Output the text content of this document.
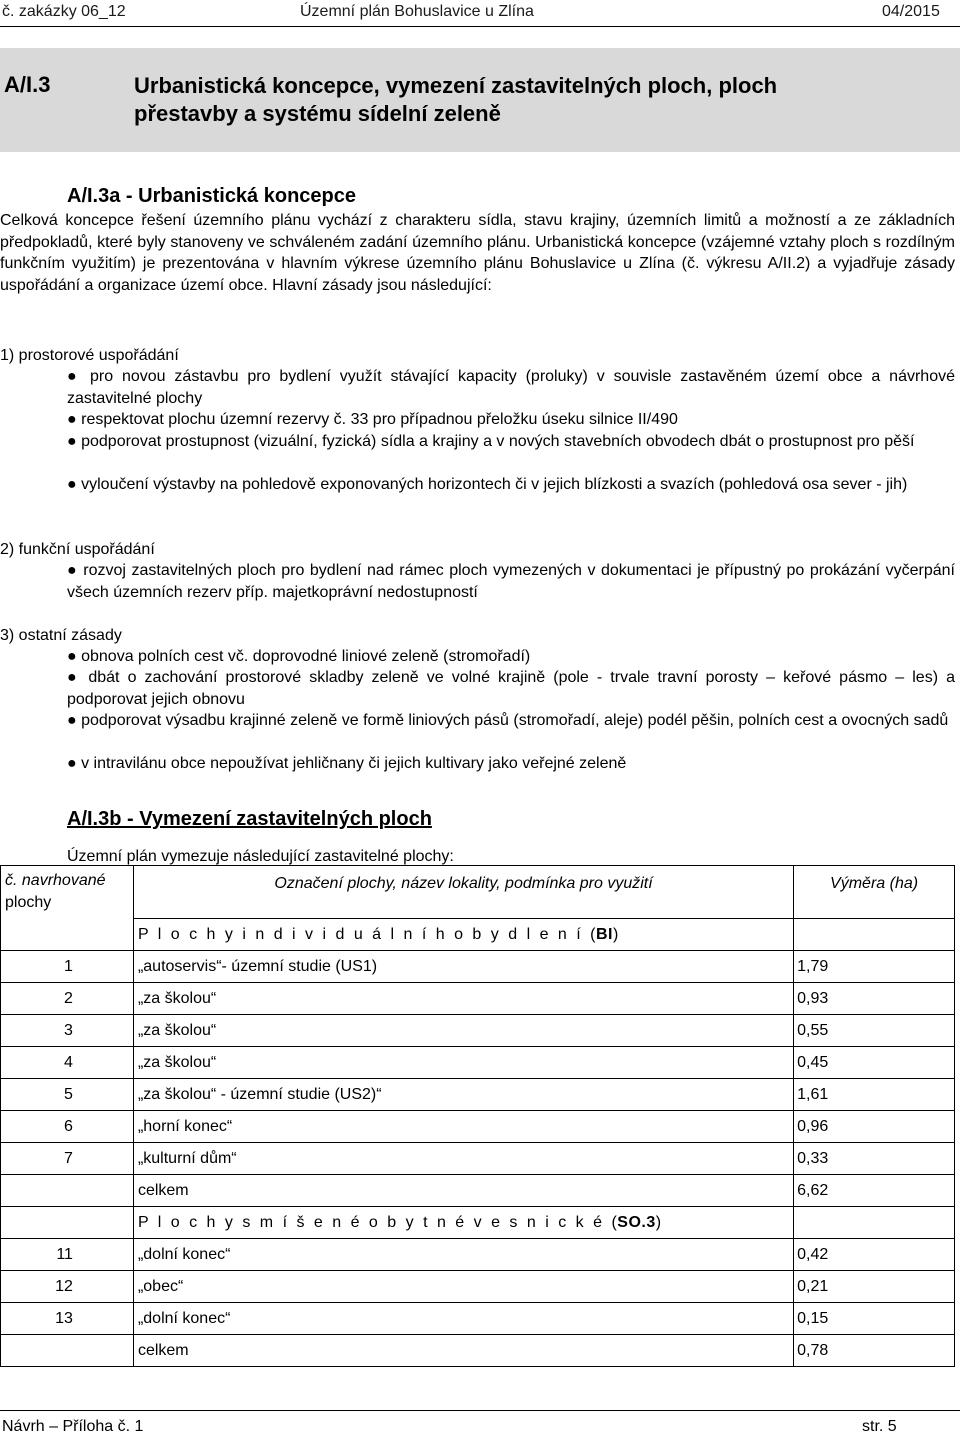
č. zakázky 06_12	Územní plán Bohuslavice u Zlína	04/2015
A/I.3	Urbanistická koncepce, vymezení zastavitelných ploch, ploch
přestavby a systému sídelní zeleně
A/I.3a - Urbanistická koncepce
Celková koncepce řešení územního plánu vychází z charakteru sídla, stavu krajiny, územních limitů a možností a ze základních předpokladů, které byly stanoveny ve schváleném zadání územního plánu. Urbanistická koncepce (vzájemné vztahy ploch s rozdílným funkčním využitím) je prezentována v hlavním výkrese územního plánu Bohuslavice u Zlína (č. výkresu A/II.2) a vyjadřuje zásady uspořádání a organizace území obce. Hlavní zásady jsou následující:
1) prostorové uspořádání
● pro novou zástavbu pro bydlení využít stávající kapacity (proluky) v souvisle zastavěném území obce a návrhové zastavitelné plochy
● respektovat plochu územní rezervy č. 33 pro případnou přeložku úseku silnice II/490
● podporovat prostupnost (vizuální, fyzická) sídla a krajiny a v nových stavebních obvodech dbát o prostupnost pro pěší
● vyloučení výstavby na pohledově exponovaných horizontech či v jejich blízkosti a svazích (pohledová osa sever - jih)
2) funkční uspořádání
● rozvoj zastavitelných ploch pro bydlení nad rámec ploch vymezených v dokumentaci je přípustný po prokázání vyčerpání všech územních rezerv příp. majetkoprávní nedostupností
3) ostatní zásady
● obnova polních cest vč. doprovodné liniové zeleně (stromořadí)
● dbát o zachování prostorové skladby zeleně ve volné krajině (pole - trvale travní porosty – keřové pásmo – les) a podporovat jejich obnovu
● podporovat výsadbu krajinné zeleně ve formě liniových pásů (stromořadí, aleje) podél pěšin, polních cest a ovocných sadů
● v intravilánu obce nepoužívat jehličnany či jejich kultivary jako veřejné zeleně
A/I.3b - Vymezení zastavitelných ploch
Územní plán vymezuje následující zastavitelné plochy:
č. navrhované
plochy	Označení plochy, název lokality, podmínka pro využití	Výměra (ha)
	P l o c h y i n d i v i d u á l n í h o b y d l e n í (BI)	
1	„autoservis“- územní studie (US1)	1,79
2	„za školou“	0,93
3	„za školou“	0,55
4	„za školou“	0,45
5	„za školou“ - územní studie (US2)“	1,61
6	„horní konec“	0,96
7	„kulturní dům“	0,33
	celkem	6,62
	P l o c h y s m í š e n é o b y t n é v e s n i c k é (SO.3)	
11	„dolní konec“	0,42
12	„obec“	0,21
13	„dolní konec“	0,15
	celkem	0,78
Návrh – Příloha č. 1	str. 5
